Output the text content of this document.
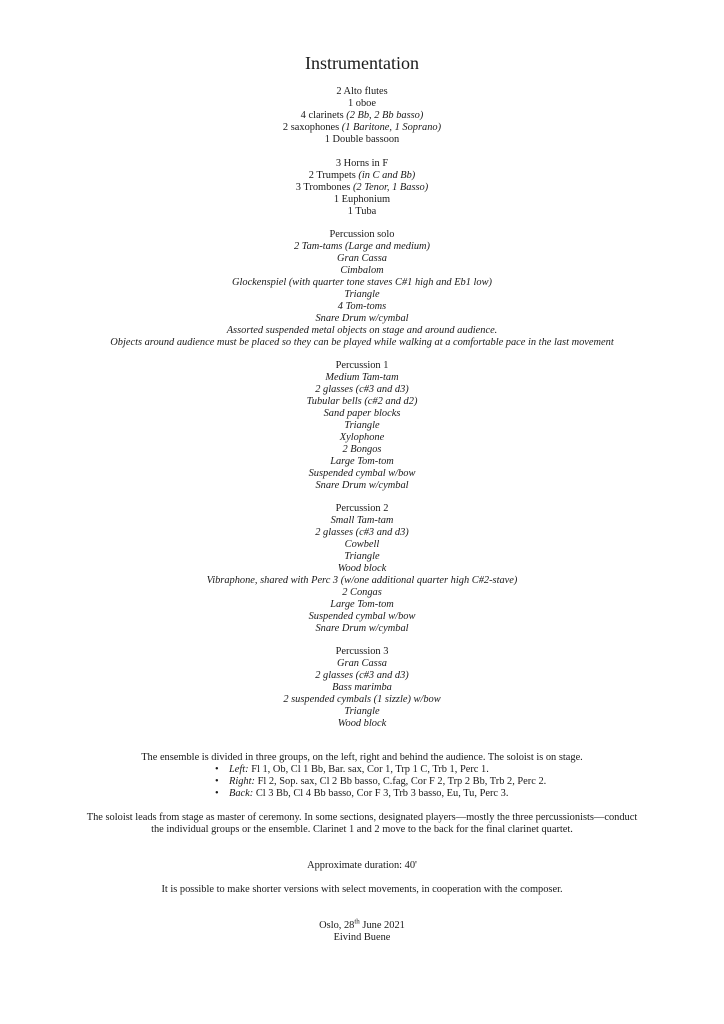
Instrumentation
2 Alto flutes
1 oboe
4 clarinets (2 Bb, 2 Bb basso)
2 saxophones (1 Baritone, 1 Soprano)
1 Double bassoon
3 Horns in F
2 Trumpets (in C and Bb)
3 Trombones (2 Tenor, 1 Basso)
1 Euphonium
1 Tuba
Percussion solo
2 Tam-tams (Large and medium)
Gran Cassa
Cimbalom
Glockenspiel (with quarter tone staves C#1 high and Eb1 low)
Triangle
4 Tom-toms
Snare Drum w/cymbal
Assorted suspended metal objects on stage and around audience.
Objects around audience must be placed so they can be played while walking at a comfortable pace in the last movement
Percussion 1
Medium Tam-tam
2 glasses (c#3 and d3)
Tubular bells (c#2 and d2)
Sand paper blocks
Triangle
Xylophone
2 Bongos
Large Tom-tom
Suspended cymbal w/bow
Snare Drum w/cymbal
Percussion 2
Small Tam-tam
2 glasses (c#3 and d3)
Cowbell
Triangle
Wood block
Vibraphone, shared with Perc 3 (w/one additional quarter high C#2-stave)
2 Congas
Large Tom-tom
Suspended cymbal w/bow
Snare Drum w/cymbal
Percussion 3
Gran Cassa
2 glasses (c#3 and d3)
Bass marimba
2 suspended cymbals (1 sizzle) w/bow
Triangle
Wood block
The ensemble is divided in three groups, on the left, right and behind the audience. The soloist is on stage.
• Left: Fl 1, Ob, Cl 1 Bb, Bar. sax, Cor 1, Trp 1 C, Trb 1, Perc 1.
• Right: Fl 2, Sop. sax, Cl 2 Bb basso, C.fag, Cor F 2, Trp 2 Bb, Trb 2, Perc 2.
• Back: Cl 3 Bb, Cl 4 Bb basso, Cor F 3, Trb 3 basso, Eu, Tu, Perc 3.
The soloist leads from stage as master of ceremony. In some sections, designated players—mostly the three percussionists—conduct the individual groups or the ensemble. Clarinet 1 and 2 move to the back for the final clarinet quartet.
Approximate duration: 40'
It is possible to make shorter versions with select movements, in cooperation with the composer.
Oslo, 28th June 2021
Eivind Buene
